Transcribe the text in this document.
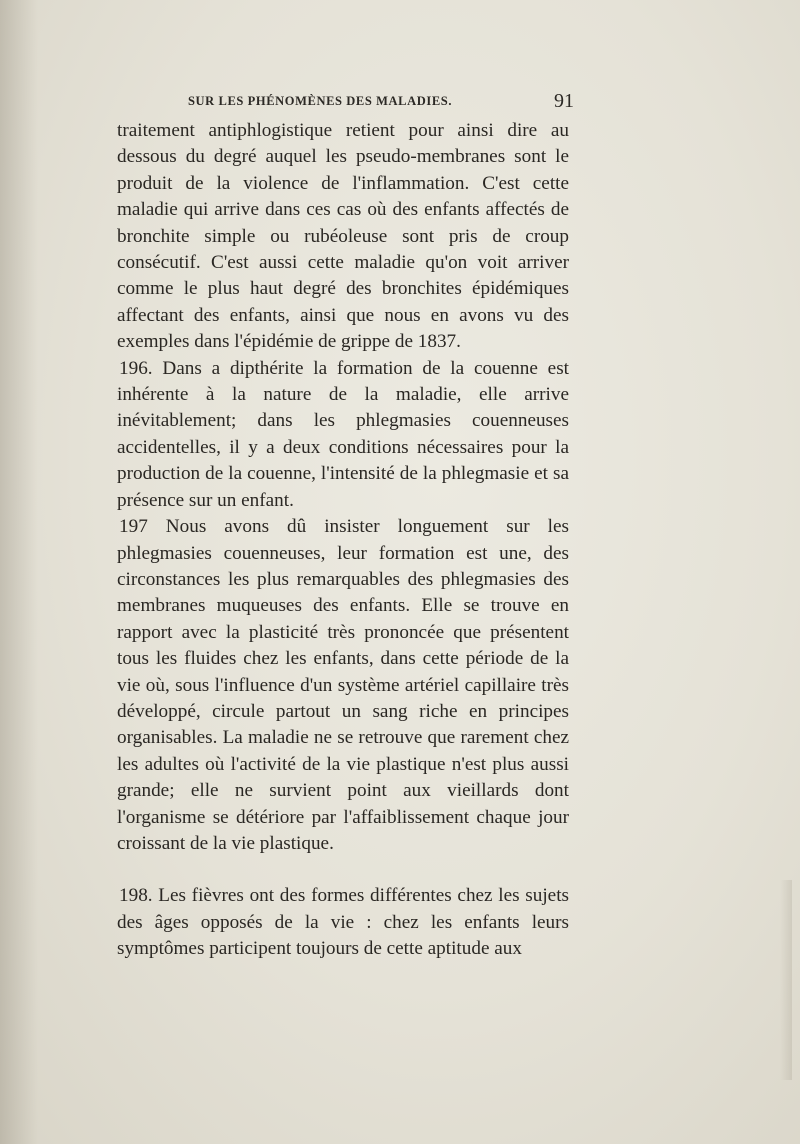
SUR LES PHÉNOMÈNES DES MALADIES.	91

traitement antiphlogistique retient pour ainsi dire au dessous du degré auquel les pseudo-membranes sont le produit de la violence de l'inflammation. C'est cette maladie qui arrive dans ces cas où des enfants affectés de bronchite simple ou rubéoleuse sont pris de croup consécutif. C'est aussi cette maladie qu'on voit arriver comme le plus haut degré des bronchites épidémiques affectant des enfants, ainsi que nous en avons vu des exemples dans l'épidémie de grippe de 1837.

196. Dans a dipthérite la formation de la couenne est inhérente à la nature de la maladie, elle arrive inévitablement; dans les phlegmasies couenneuses accidentelles, il y a deux conditions nécessaires pour la production de la couenne, l'intensité de la phlegmasie et sa présence sur un enfant.

197 Nous avons dû insister longuement sur les phlegmasies couenneuses, leur formation est une, des circonstances les plus remarquables des phlegmasies des membranes muqueuses des enfants. Elle se trouve en rapport avec la plasticité très prononcée que présentent tous les fluides chez les enfants, dans cette période de la vie où, sous l'influence d'un système artériel capillaire très développé, circule partout un sang riche en principes organisables. La maladie ne se retrouve que rarement chez les adultes où l'activité de la vie plastique n'est plus aussi grande; elle ne survient point aux vieillards dont l'organisme se détériore par l'affaiblissement chaque jour croissant de la vie plastique.

198. Les fièvres ont des formes différentes chez les sujets des âges opposés de la vie : chez les enfants leurs symptômes participent toujours de cette aptitude aux
